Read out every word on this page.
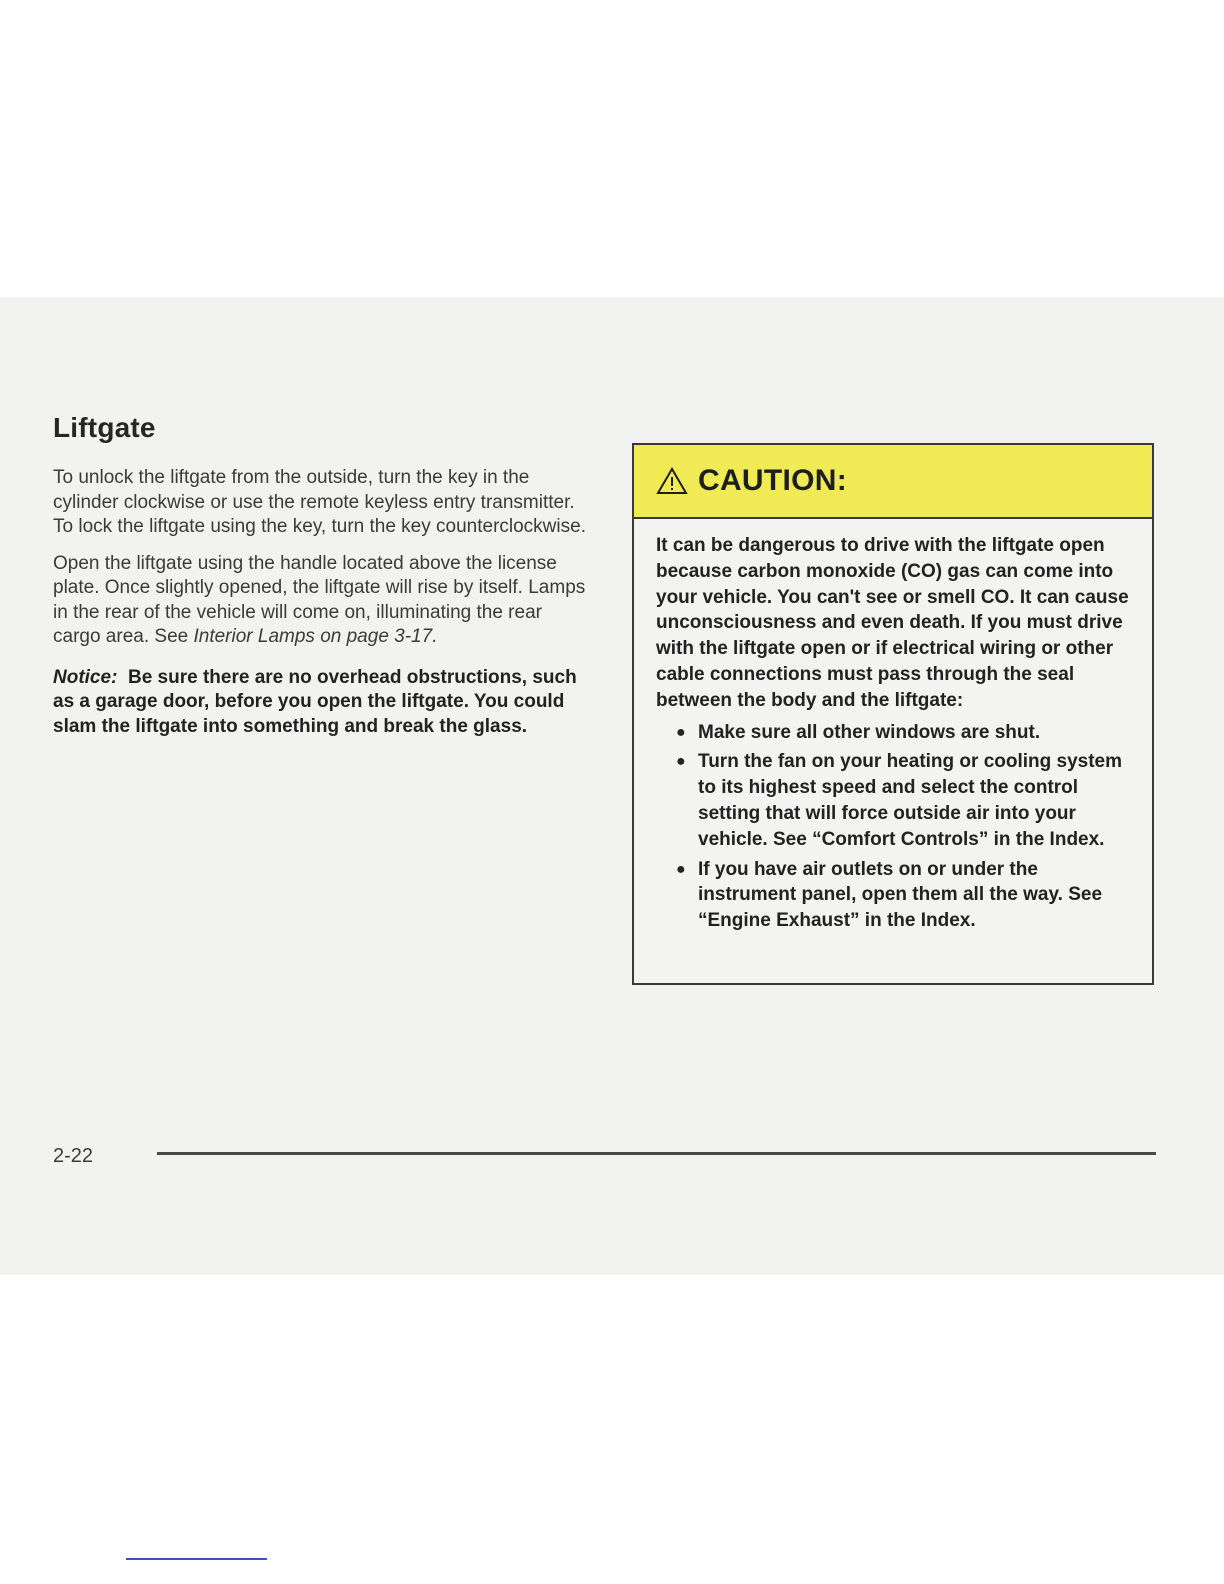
Liftgate

To unlock the liftgate from the outside, turn the key in the cylinder clockwise or use the remote keyless entry transmitter. To lock the liftgate using the key, turn the key counterclockwise.

Open the liftgate using the handle located above the license plate. Once slightly opened, the liftgate will rise by itself. Lamps in the rear of the vehicle will come on, illuminating the rear cargo area. See Interior Lamps on page 3-17.

Notice: Be sure there are no overhead obstructions, such as a garage door, before you open the liftgate. You could slam the liftgate into something and break the glass.

CAUTION:

It can be dangerous to drive with the liftgate open because carbon monoxide (CO) gas can come into your vehicle. You can't see or smell CO. It can cause unconsciousness and even death. If you must drive with the liftgate open or if electrical wiring or other cable connections must pass through the seal between the body and the liftgate:

● Make sure all other windows are shut.
● Turn the fan on your heating or cooling system to its highest speed and select the control setting that will force outside air into your vehicle. See “Comfort Controls” in the Index.
● If you have air outlets on or under the instrument panel, open them all the way. See “Engine Exhaust” in the Index.
2-22
